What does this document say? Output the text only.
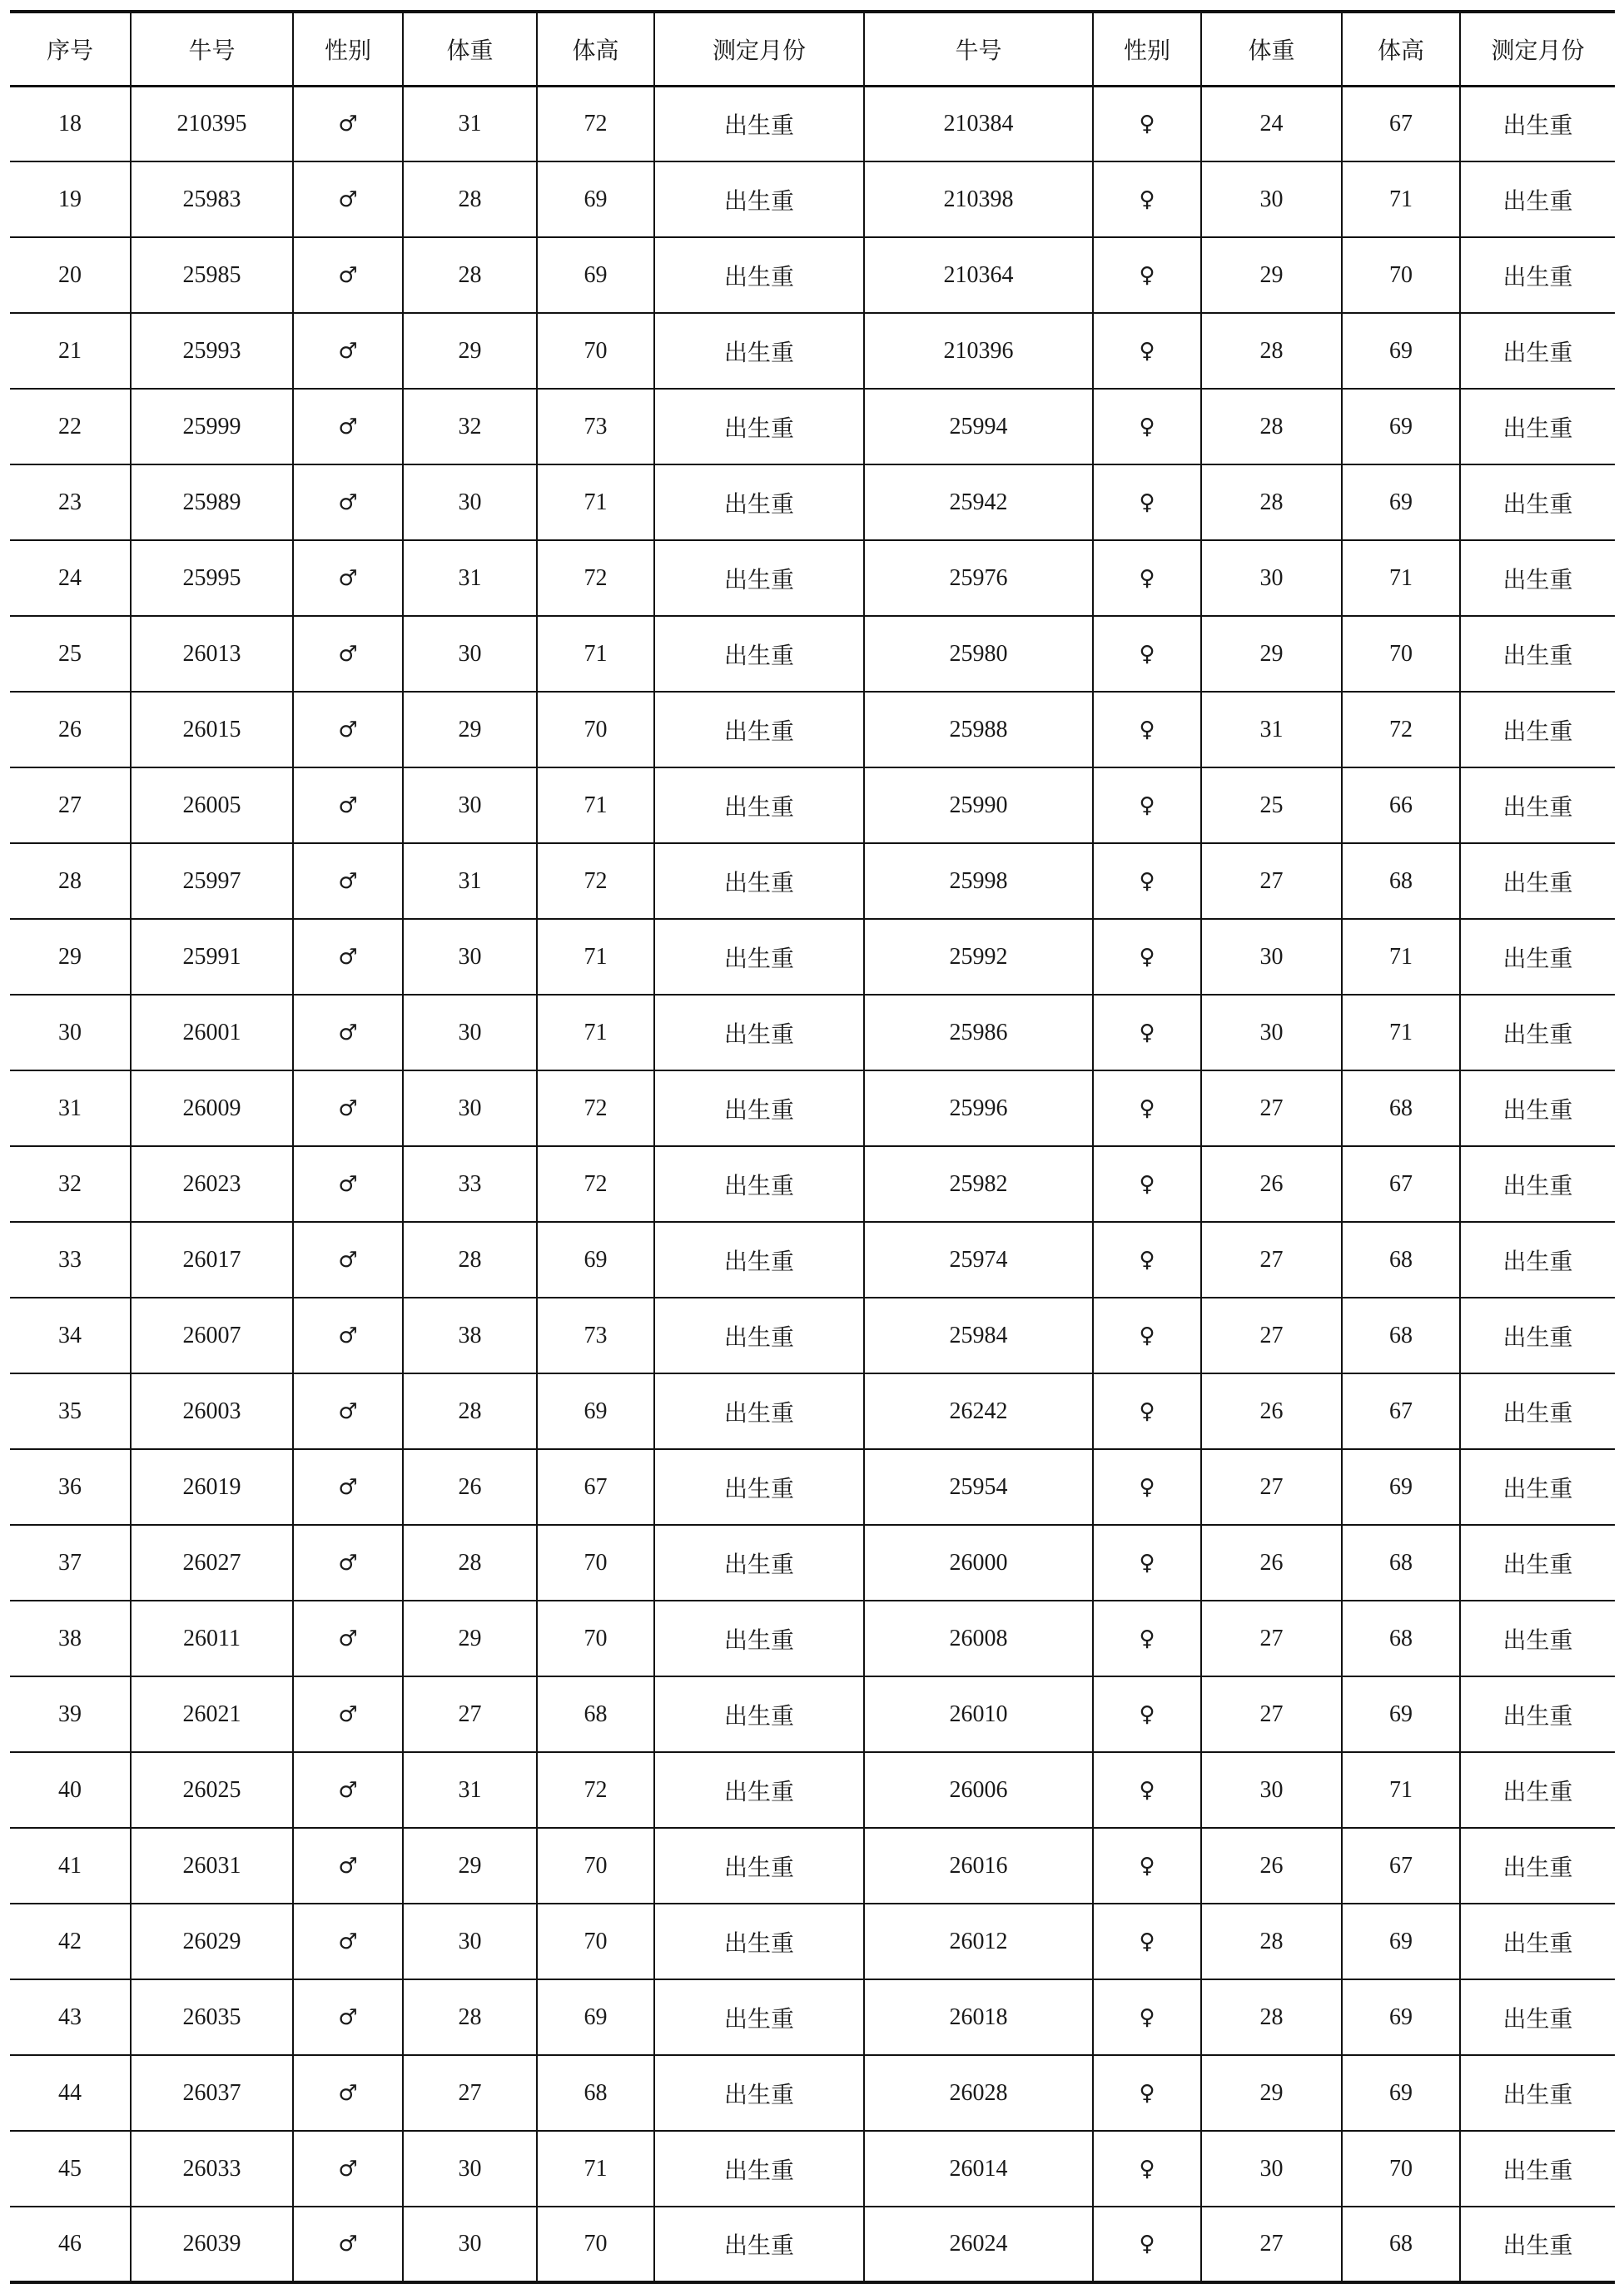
序号	牛号	性别	体重	体高	测定月份	牛号	性别	体重	体高	测定月份
18	210395	♂	31	72	出生重	210384	♀	24	67	出生重
19	25983	♂	28	69	出生重	210398	♀	30	71	出生重
20	25985	♂	28	69	出生重	210364	♀	29	70	出生重
21	25993	♂	29	70	出生重	210396	♀	28	69	出生重
22	25999	♂	32	73	出生重	25994	♀	28	69	出生重
23	25989	♂	30	71	出生重	25942	♀	28	69	出生重
24	25995	♂	31	72	出生重	25976	♀	30	71	出生重
25	26013	♂	30	71	出生重	25980	♀	29	70	出生重
26	26015	♂	29	70	出生重	25988	♀	31	72	出生重
27	26005	♂	30	71	出生重	25990	♀	25	66	出生重
28	25997	♂	31	72	出生重	25998	♀	27	68	出生重
29	25991	♂	30	71	出生重	25992	♀	30	71	出生重
30	26001	♂	30	71	出生重	25986	♀	30	71	出生重
31	26009	♂	30	72	出生重	25996	♀	27	68	出生重
32	26023	♂	33	72	出生重	25982	♀	26	67	出生重
33	26017	♂	28	69	出生重	25974	♀	27	68	出生重
34	26007	♂	38	73	出生重	25984	♀	27	68	出生重
35	26003	♂	28	69	出生重	26242	♀	26	67	出生重
36	26019	♂	26	67	出生重	25954	♀	27	69	出生重
37	26027	♂	28	70	出生重	26000	♀	26	68	出生重
38	26011	♂	29	70	出生重	26008	♀	27	68	出生重
39	26021	♂	27	68	出生重	26010	♀	27	69	出生重
40	26025	♂	31	72	出生重	26006	♀	30	71	出生重
41	26031	♂	29	70	出生重	26016	♀	26	67	出生重
42	26029	♂	30	70	出生重	26012	♀	28	69	出生重
43	26035	♂	28	69	出生重	26018	♀	28	69	出生重
44	26037	♂	27	68	出生重	26028	♀	29	69	出生重
45	26033	♂	30	71	出生重	26014	♀	30	70	出生重
46	26039	♂	30	70	出生重	26024	♀	27	68	出生重
